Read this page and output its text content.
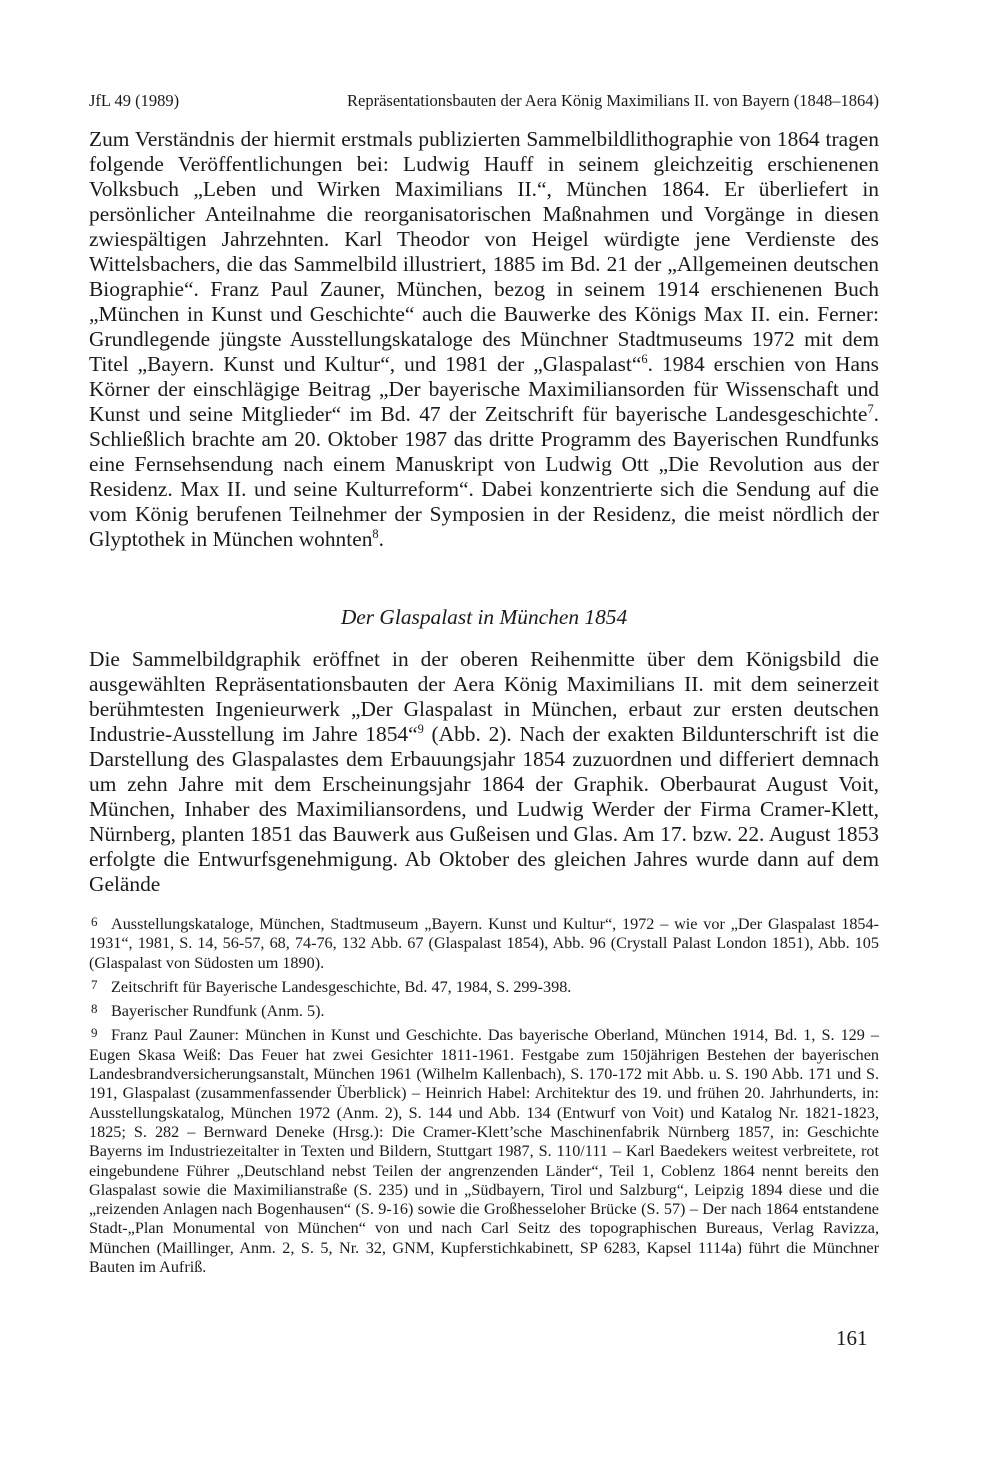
JfL 49 (1989)	Repräsentationsbauten der Aera König Maximilians II. von Bayern (1848–1864)

Zum Verständnis der hiermit erstmals publizierten Sammelbildlithographie von 1864 tragen folgende Veröffentlichungen bei: Ludwig Hauff in seinem gleichzeitig erschienenen Volksbuch „Leben und Wirken Maximilians II.“, München 1864. Er überliefert in persönlicher Anteilnahme die reorganisatorischen Maßnahmen und Vorgänge in diesen zwiespältigen Jahrzehnten. Karl Theodor von Heigel würdigte jene Verdienste des Wittelsbachers, die das Sammelbild illustriert, 1885 im Bd. 21 der „Allgemeinen deutschen Biographie“. Franz Paul Zauner, München, bezog in seinem 1914 erschienenen Buch „München in Kunst und Geschichte“ auch die Bauwerke des Königs Max II. ein. Ferner: Grundlegende jüngste Ausstellungskataloge des Münchner Stadtmuseums 1972 mit dem Titel „Bayern. Kunst und Kultur“, und 1981 der „Glaspalast“$^6$. 1984 erschien von Hans Körner der einschlägige Beitrag „Der bayerische Maximiliansorden für Wissenschaft und Kunst und seine Mitglieder“ im Bd. 47 der Zeitschrift für bayerische Landesgeschichte$^7$. Schließlich brachte am 20. Oktober 1987 das dritte Programm des Bayerischen Rundfunks eine Fernsehsendung nach einem Manuskript von Ludwig Ott „Die Revolution aus der Residenz. Max II. und seine Kulturreform“. Dabei konzentrierte sich die Sendung auf die vom König berufenen Teilnehmer der Symposien in der Residenz, die meist nördlich der Glyptothek in München wohnten$^8$.

Der Glaspalast in München 1854

Die Sammelbildgraphik eröffnet in der oberen Reihenmitte über dem Königsbild die ausgewählten Repräsentationsbauten der Aera König Maximilians II. mit dem seinerzeit berühmtesten Ingenieurwerk „Der Glaspalast in München, erbaut zur ersten deutschen Industrie-Ausstellung im Jahre 1854“$^9$ (Abb. 2). Nach der exakten Bildunterschrift ist die Darstellung des Glaspalastes dem Erbauungsjahr 1854 zuzuordnen und differiert demnach um zehn Jahre mit dem Erscheinungsjahr 1864 der Graphik. Oberbaurat August Voit, München, Inhaber des Maximiliansordens, und Ludwig Werder der Firma Cramer-Klett, Nürnberg, planten 1851 das Bauwerk aus Gußeisen und Glas. Am 17. bzw. 22. August 1853 erfolgte die Entwurfsgenehmigung. Ab Oktober des gleichen Jahres wurde dann auf dem Gelände

6 Ausstellungskataloge, München, Stadtmuseum „Bayern. Kunst und Kultur“, 1972 – wie vor „Der Glaspalast 1854-1931“, 1981, S. 14, 56-57, 68, 74-76, 132 Abb. 67 (Glaspalast 1854), Abb. 96 (Crystall Palast London 1851), Abb. 105 (Glaspalast von Südosten um 1890).
7 Zeitschrift für Bayerische Landesgeschichte, Bd. 47, 1984, S. 299-398.
8 Bayerischer Rundfunk (Anm. 5).
9 Franz Paul Zauner: München in Kunst und Geschichte. Das bayerische Oberland, München 1914, Bd. 1, S. 129 – Eugen Skasa Weiß: Das Feuer hat zwei Gesichter 1811-1961. Festgabe zum 150jährigen Bestehen der bayerischen Landesbrandversicherungsanstalt, München 1961 (Wilhelm Kallenbach), S. 170-172 mit Abb. u. S. 190 Abb. 171 und S. 191, Glaspalast (zusammenfassender Überblick) – Heinrich Habel: Architektur des 19. und frühen 20. Jahrhunderts, in: Ausstellungskatalog, München 1972 (Anm. 2), S. 144 und Abb. 134 (Entwurf von Voit) und Katalog Nr. 1821-1823, 1825; S. 282 – Bernward Deneke (Hrsg.): Die Cramer-Klett’sche Maschinenfabrik Nürnberg 1857, in: Geschichte Bayerns im Industriezeitalter in Texten und Bildern, Stuttgart 1987, S. 110/111 – Karl Baedekers weitest verbreitete, rot eingebundene Führer „Deutschland nebst Teilen der angrenzenden Länder“, Teil 1, Coblenz 1864 nennt bereits den Glaspalast sowie die Maximilianstraße (S. 235) und in „Südbayern, Tirol und Salzburg“, Leipzig 1894 diese und die „reizenden Anlagen nach Bogenhausen“ (S. 9-16) sowie die Großhesseloher Brücke (S. 57) – Der nach 1864 entstandene Stadt-„Plan Monumental von München“ von und nach Carl Seitz des topographischen Bureaus, Verlag Ravizza, München (Maillinger, Anm. 2, S. 5, Nr. 32, GNM, Kupferstichkabinett, SP 6283, Kapsel 1114a) führt die Münchner Bauten im Aufriß.
161
